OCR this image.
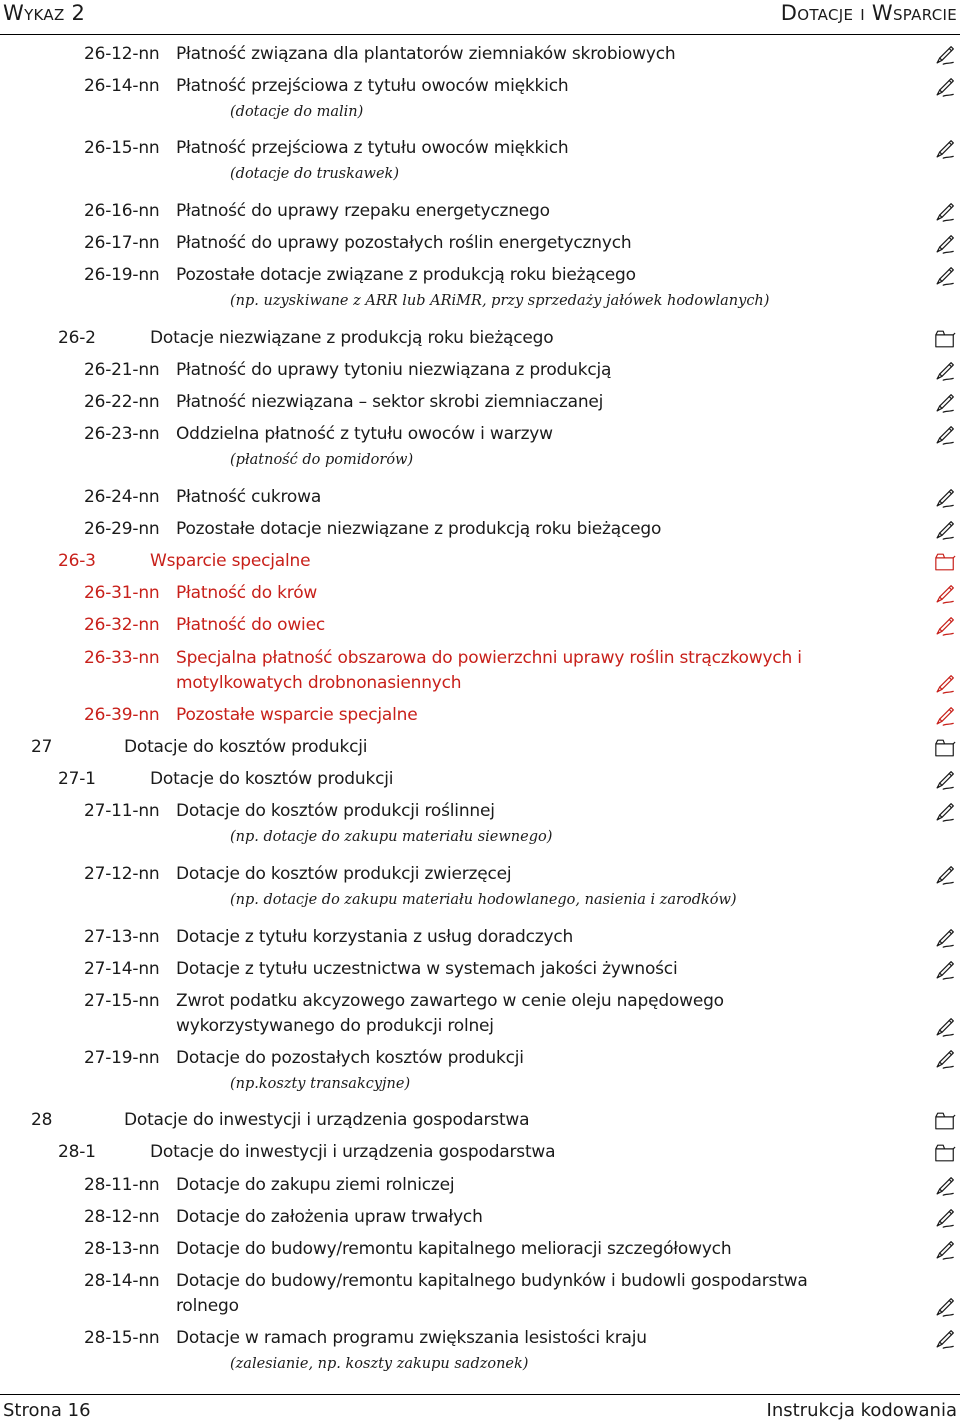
Wykaz 2	Dotacje i Wsparcie
26-12-nn Płatność związana dla plantatorów ziemniaków skrobiowych
26-14-nn Płatność przejściowa z tytułu owoców miękkich
(dotacje do malin)
26-15-nn Płatność przejściowa z tytułu owoców miękkich
(dotacje do truskawek)
26-16-nn Płatność do uprawy rzepaku energetycznego
26-17-nn Płatność do uprawy pozostałych roślin energetycznych
26-19-nn Pozostałe dotacje związane z produkcją roku bieżącego
(np. uzyskiwane z ARR lub ARiMR, przy sprzedaży jałówek hodowlanych)
26-2	Dotacje niezwiązane z produkcją roku bieżącego
26-21-nn Płatność do uprawy tytoniu niezwiązana z produkcją
26-22-nn Płatność niezwiązana – sektor skrobi ziemniaczanej
26-23-nn Oddzielna płatność z tytułu owoców i warzyw
(płatność do pomidorów)
26-24-nn Płatność cukrowa
26-29-nn Pozostałe dotacje niezwiązane z produkcją roku bieżącego
26-3	Wsparcie specjalne
26-31-nn Płatność do krów
26-32-nn Płatność do owiec
26-33-nn Specjalna płatność obszarowa do powierzchni uprawy roślin strączkowych i motylkowatych drobnonasiennych
26-39-nn Pozostałe wsparcie specjalne
27	Dotacje do kosztów produkcji
27-1	Dotacje do kosztów produkcji
27-11-nn Dotacje do kosztów produkcji roślinnej
(np. dotacje do zakupu materiału siewnego)
27-12-nn Dotacje do kosztów produkcji zwierzęcej
(np. dotacje do zakupu materiału hodowlanego, nasienia i zarodków)
27-13-nn Dotacje z tytułu korzystania z usług doradczych
27-14-nn Dotacje z tytułu uczestnictwa w systemach jakości żywności
27-15-nn Zwrot podatku akcyzowego zawartego w cenie oleju napędowego wykorzystywanego do produkcji rolnej
27-19-nn Dotacje do pozostałych kosztów produkcji
(np.koszty transakcyjne)
28	Dotacje do inwestycji i urządzenia gospodarstwa
28-1	Dotacje do inwestycji i urządzenia gospodarstwa
28-11-nn Dotacje do zakupu ziemi rolniczej
28-12-nn Dotacje do założenia upraw trwałych
28-13-nn Dotacje do budowy/remontu kapitalnego melioracji szczegółowych
28-14-nn Dotacje do budowy/remontu kapitalnego budynków i budowli gospodarstwa rolnego
28-15-nn Dotacje w ramach programu zwiększania lesistości kraju
(zalesianie, np. koszty zakupu sadzonek)
Strona 16	Instrukcja kodowania
